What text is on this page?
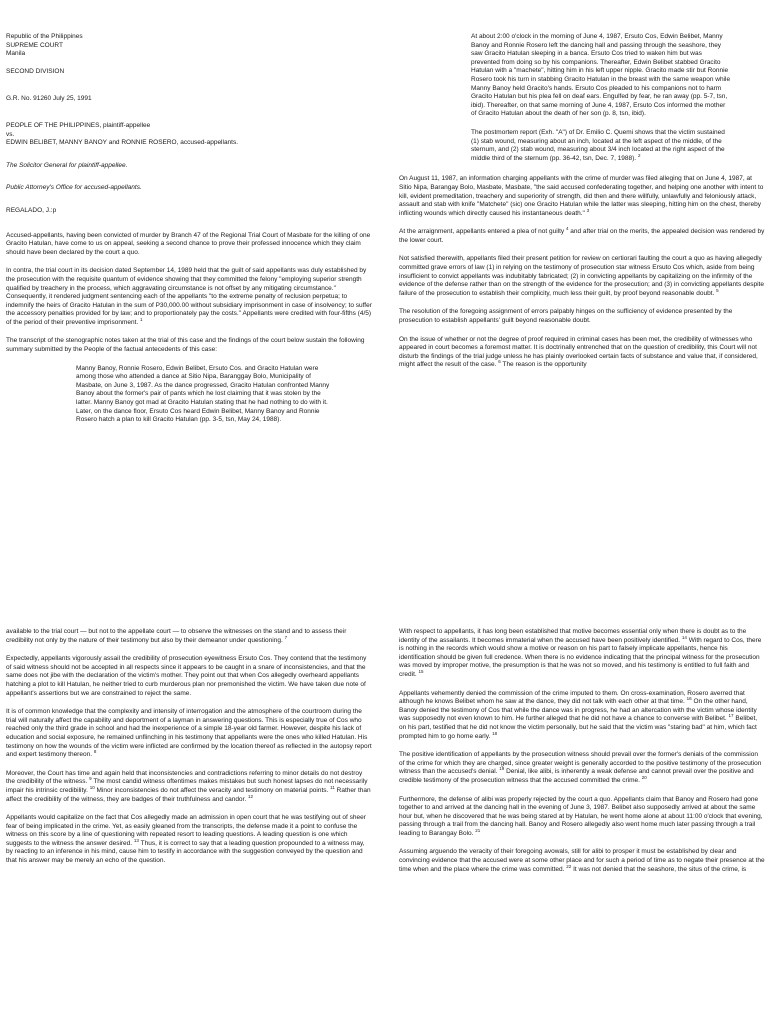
Republic of the Philippines

SUPREME COURT

Manila

SECOND DIVISION

G.R. No. 91260 July 25, 1991

PEOPLE OF THE PHILIPPINES, plaintiff-appellee

vs.

EDWIN BELIBET, MANNY BANOY and RONNIE ROSERO, accused-appellants.

The Solicitor General for plaintiff-appellee.

Public Attorney's Office for accused-appellants.

REGALADO, J.:p

Accused-appellants, having been convicted of murder by Branch 47 of the Regional Trial Court of Masbate for the killing of one Gracito Hatulan, have come to us on appeal, seeking a second chance to prove their professed innocence which they claim should have been declared by the court a quo.

In contra, the trial court in its decision dated September 14, 1989 held that the guilt of said appellants was duly established by the prosecution with the requisite quantum of evidence showing that they committed the felony "employing superior strength qualified by treachery in the process, which aggravating circumstance is not offset by any mitigating circumstance." Consequently, it rendered judgment sentencing each of the appellants "to the extreme penalty of reclusion perpetua; to indemnify the heirs of Gracito Hatulan in the sum of P30,000.00 without subsidiary imprisonment in case of insolvency; to suffer the accessory penalties provided for by law; and to proportionately pay the costs." Appellants were credited with four-fifths (4/5) of the period of their preventive imprisonment. $^1$

The transcript of the stenographic notes taken at the trial of this case and the findings of the court below sustain the following summary submitted by the People of the factual antecedents of this case:

Manny Banoy, Ronnie Rosero, Edwin Belibet, Ersuto Cos. and Gracito Hatulan were among those who attended a dance at Sitio Nipa, Baranggay Bolo, Municipality of Masbate, on June 3, 1987. As the dance progressed, Gracito Hatulan confronted Manny Banoy about the former's pair of pants which he lost claiming that it was stolen by the latter. Manny Banoy got mad at Gracito Hatulan stating that he had nothing to do with it. Later, on the dance floor, Ersuto Cos heard Edwin Belibet, Manny Banoy and Ronnie Rosero hatch a plan to kill Gracito Hatulan (pp. 3-5, tsn, May 24, 1988).

At about 2:00 o'clock in the morning of June 4, 1987, Ersuto Cos, Edwin Belibet, Manny Banoy and Ronnie Rosero left the dancing hall and passing through the seashore, they saw Gracito Hatulan sleeping in a banca. Ersuto Cos tried to waken him but was prevented from doing so by his companions. Thereafter, Edwin Belibet stabbed Gracito Hatulan with a "machete", hitting him in his left upper nipple. Gracito made stir but Ronnie Rosero took his turn in stabbing Gracito Hatulan in the breast with the same weapon while Manny Banoy held Gracito's hands. Ersuto Cos pleaded to his companions not to harm Gracito Hatulan but his plea fell on deaf ears. Engulfed by fear, he ran away (pp. 5-7, tsn, ibid). Thereafter, on that same morning of June 4, 1987, Ersuto Cos informed the mother of Gracito Hatulan about the death of her son (p. 8, tsn, ibid).

The postmortem report (Exh. "A") of Dr. Emilio C. Quemi shows that the victim sustained (1) stab wound, measuring about an inch, located at the left aspect of the middle, of the sternum, and (2) stab wound, measuring about 3/4 inch located at the right aspect of the middle third of the sternum (pp. 36-42, tsn, Dec. 7, 1988). $^2$

On August 11, 1987, an information charging appellants with the crime of murder was filed alleging that on June 4, 1987, at Sitio Nipa, Barangay Bolo, Masbate, Masbate, "the said accused confederating together, and helping one another with intent to kill, evident premeditation, treachery and superiority of strength, did then and there willfully, unlawfully and feloniously attack, assault and stab with knife "Matchete" (sic) one Gracito Hatulan while the latter was sleeping, hitting him on the chest, thereby inflicting wounds which directly caused his instantaneous death." $^3$

At the arraignment, appellants entered a plea of not guilty $^4$ and after trial on the merits, the appealed decision was rendered by the lower court.

Not satisfied therewith, appellants filed their present petition for review on certiorari faulting the court a quo as having allegedly committed grave errors of law (1) in relying on the testimony of prosecution star witness Ersuto Cos which, aside from being insufficient to convict appellants was indubitably fabricated; (2) in convicting appellants by capitalizing on the infirmity of the evidence of the defense rather than on the strength of the evidence for the prosecution; and (3) in convicting appellants despite failure of the prosecution to establish their complicity, much less their guilt, by proof beyond reasonable doubt. $^5$

The resolution of the foregoing assignment of errors palpably hinges on the sufficiency of evidence presented by the prosecution to establish appellants' guilt beyond reasonable doubt.

On the issue of whether or not the degree of proof required in criminal cases has been met, the credibility of witnesses who appeared in court becomes a foremost matter. It is doctrinally entrenched that on the question of credibility, this Court will not disturb the findings of the trial judge unless he has plainly overlooked certain facts of substance and value that, if considered, might affect the result of the case. $^6$ The reason is the opportunity

available to the trial court — but not to the appellate court — to observe the witnesses on the stand and to assess their credibility not only by the nature of their testimony but also by their demeanor under questioning. $^7$

Expectedly, appellants vigorously assail the credibility of prosecution eyewitness Ersuto Cos. They contend that the testimony of said witness should not be accepted in all respects since it appears to be caught in a snare of inconsistencies, and that the same does not jibe with the declaration of the victim's mother. They point out that when Cos allegedly overheard appellants hatching a plot to kill Hatulan, he neither tried to curb murderous plan nor premonished the victim. We have taken due note of appellant's assertions but we are constrained to reject the same.

It is of common knowledge that the complexity and intensity of interrogation and the atmosphere of the courtroom during the trial will naturally affect the capability and deportment of a layman in answering questions. This is especially true of Cos who reached only the third grade in school and had the inexperience of a simple 18-year old farmer. However, despite his lack of education and social exposure, he remained unflinching in his testimony that appellants were the ones who killed Hatulan. His testimony on how the wounds of the victim were inflicted are confirmed by the location thereof as reflected in the autopsy report and expert testimony thereon. $^8$

Moreover, the Court has time and again held that inconsistencies and contradictions referring to minor details do not destroy the credibility of the witness. $^9$ The most candid witness oftentimes makes mistakes but such honest lapses do not necessarily impair his intrinsic credibility. $^{10}$ Minor inconsistencies do not affect the veracity and testimony on material points. $^{11}$ Rather than affect the credibility of the witness, they are badges of their truthfulness and candor. $^{12}$

Appellants would capitalize on the fact that Cos allegedly made an admission in open court that he was testifying out of sheer fear of being implicated in the crime. Yet, as easily gleaned from the transcripts, the defense made it a point to confuse the witness on this score by a line of questioning with repeated resort to leading questions. A leading question is one which suggests to the witness the answer desired. $^{13}$ Thus, it is correct to say that a leading question propounded to a witness may, by reacting to an inference in his mind, cause him to testify in accordance with the suggestion conveyed by the question and that his answer may be merely an echo of the question.

With respect to appellants, it has long been established that motive becomes essential only when there is doubt as to the identity of the assailants. It becomes immaterial when the accused have been positively identified. $^{14}$ With regard to Cos, there is nothing in the records which would show a motive or reason on his part to falsely implicate appellants, hence his identification should be given full credence. When there is no evidence indicating that the principal witness for the prosecution was moved by improper motive, the presumption is that he was not so moved, and his testimony is entitled to full faith and credit. $^{15}$

Appellants vehemently denied the commission of the crime imputed to them. On cross-examination, Rosero averred that although he knows Belibet whom he saw at the dance, they did not talk with each other at that time. $^{16}$ On the other hand, Banoy denied the testimony of Cos that while the dance was in progress, he had an altercation with the victim whose identity was supposedly not even known to him. He further alleged that he did not have a chance to converse with Belibet. $^{17}$ Belibet, on his part, testified that he did not know the victim personally, but he said that the victim was "staring bad" at him, which fact prompted him to go home early. $^{18}$

The positive identification of appellants by the prosecution witness should prevail over the former's denials of the commission of the crime for which they are charged, since greater weight is generally accorded to the positive testimony of the prosecution witness than the accused's denial. $^{19}$ Denial, like alibi, is inherently a weak defense and cannot prevail over the positive and credible testimony of the prosecution witness that the accused committed the crime. $^{20}$

Furthermore, the defense of alibi was properly rejected by the court a quo. Appellants claim that Banoy and Rosero had gone together to and arrived at the dancing hall in the evening of June 3, 1987. Belibet also supposedly arrived at about the same hour but, when he discovered that he was being stared at by Hatulan, he went home alone at about 11:00 o'clock that evening, passing through a trail from the dancing hall. Banoy and Rosero allegedly also went home much later passing through a trail leading to Barangay Bolo. $^{21}$

Assuming arguendo the veracity of their foregoing avowals, still for alibi to prosper it must be established by clear and convincing evidence that the accused were at some other place and for such a period of time as to negate their presence at the time when and the place where the crime was committed. $^{22}$ It was not denied that the seashore, the situs of the crime, is
